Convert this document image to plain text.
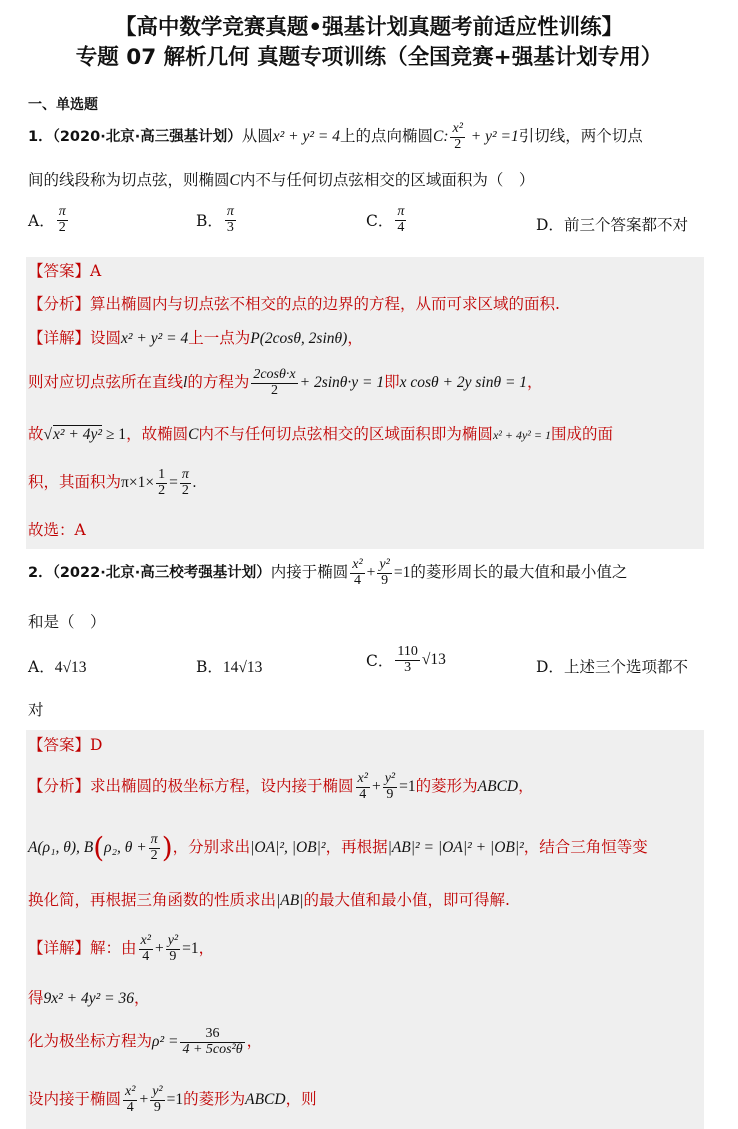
【高中数学竞赛真题•强基计划真题考前适应性训练】
专题 07 解析几何 真题专项训练（全国竞赛+强基计划专用）
一、单选题
1．（2020·北京·高三强基计划）从圆x² + y² = 4上的点向椭圆C: $\frac{\text{x²}}{2} + y^2 =1$引切线，两个切点
间的线段称为切点弦，则椭圆C内不与任何切点弦相交的区域面积为（　）
A． $\frac{\pi}{2}$	B． $\frac{\pi}{3}$	C． $\frac{\pi}{4}$	D．前三个答案都不对
【答案】A
【分析】算出椭圆内与切点弦不相交的点的边界的方程，从而可求区域的面积.
【详解】设圆x² + y² = 4上一点为P(2cosθ, 2sinθ)，
则对应切点弦所在直线l的方程为 $\frac{2\cos\theta\cdot x}{2} + 2\sin\theta\cdot y = 1$即x cosθ + 2y sinθ = 1，
故√x² + 4y² ≥ 1，故椭圆C内不与任何切点弦相交的区域面积即为椭圆x² + 4y² = 1围成的面
积，其面积为$\pi\times 1\times \frac{1}{2} = \frac{\pi}{2}$ .
故选：A
2．（2022·北京·高三校考强基计划）内接于椭圆 $\frac{\text{x²}}{4} + \frac{\text{y²}}{9} =1$的菱形周长的最大值和最小值之
和是（　）
A．4√13	B．14√13	C． $\frac{110}{3} √13$	D．上述三个选项都不
对
【答案】D
【分析】求出椭圆的极坐标方程，设内接于椭圆 $\frac{\text{x²}}{4} + \frac{\text{y²}}{9} =1$的菱形为ABCD，
A(ρ₁, θ), B(ρ₂, $\theta + \frac{\pi}{2}$ )，分别求出|OA|², |OB|²，再根据|AB|² = |OA|² + |OB|²，结合三角恒等变
换化简，再根据三角函数的性质求出|AB|的最大值和最小值，即可得解.
【详解】解：由 $\frac{\text{x²}}{4} + \frac{\text{y²}}{9} =1$，
得9x² + 4y² = 36，
化为极坐标方程为$\rho^2 = \frac{36}{\text{4 + 5cos²θ}}$ ，
设内接于椭圆 $\frac{\text{x²}}{4} + \frac{\text{y²}}{9} =1$的菱形为ABCD，则
